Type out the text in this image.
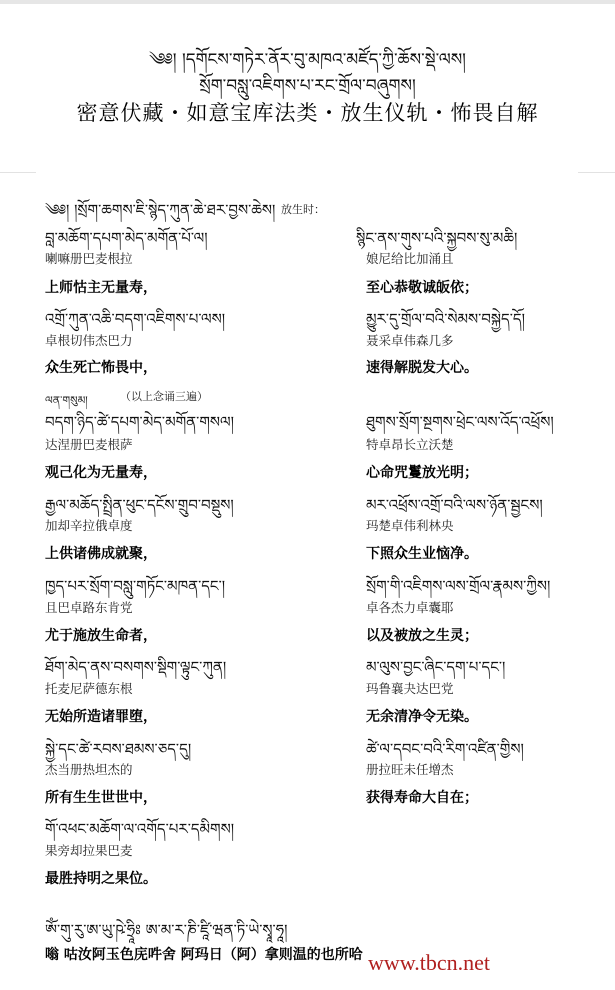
༄༅། །དགོངས་གཏེར་ནོར་བུ་མཁའ་མཛོད་ཀྱི་ཆོས་སྡེ་ལས།
སྲོག་བསླུ་འཇིགས་པ་རང་གྲོལ་བཞུགས།
密意伏藏・如意宝库法类・放生仪轨・怖畏自解
༄༅། །སྲོག་ཆགས་ཇི་སྙེད་ཀུན་ཆེ་ཐར་བྱས་ཆེས། 放生时：
བླ་མཆོག་དཔག་མེད་མགོན་པོ་ལ།
喇嘛册巴麦根拉
上师怙主无量寿，
འགྲོ་ཀུན་འཆི་བདག་འཇིགས་པ་ལས།
卓根切伟杰巴力
众生死亡怖畏中，
ལན་གསུམ།	（以上念诵三遍）
བདག་ཉིད་ཚེ་དཔག་མེད་མགོན་གསལ།
达涅册巴麦根萨
观己化为无量寿，
རྒྱལ་མཆོད་སྤྲིན་ཕུང་དངོས་གྲུབ་བསྡུས།
加却辛拉俄卓度
上供诸佛成就聚，
ཁྱད་པར་སྲོག་བསླུ་གཏོང་མཁན་དང་།
且巴卓路东肯党
尤于施放生命者，
ཐོག་མེད་ནས་བསགས་སྡིག་ལྟུང་ཀུན།
托麦尼萨德东根
无始所造诸罪堕，
སྐྱེ་དང་ཚེ་རབས་ཐམས་ཅད་དུ།
杰当册热坦杰的
所有生生世世中，
གོ་འཕང་མཆོག་ལ་འགོད་པར་དམིགས།
果旁却拉果巴麦
最胜持明之果位。
སྙིང་ནས་གུས་པའི་སྐྱབས་སུ་མཆི།
娘尼给比加涌且
至心恭敬诚皈依；
མྱུར་དུ་གྲོལ་བའི་སེམས་བསྐྱེད་དོ།
聂采卓伟森几多
速得解脱发大心。
ཐུགས་སྲོག་སྔགས་ཕྲེང་ལས་འོད་འཕྲོས།
特卓昂长立沃楚
心命咒鬘放光明；
མར་འཕྲོས་འགྲོ་བའི་ལས་ཉོན་སྦྱངས།
玛楚卓伟利林央
下照众生业恼净。
སྲོག་གི་འཇིགས་ལས་གྲོལ་རྣམས་ཀྱིས།
卓各杰力卓囊耶
以及被放之生灵；
མ་ལུས་བྱང་ཞིང་དག་པ་དང་།
玛鲁襄夬达巴党
无余清净令无染。
ཚེ་ལ་དབང་བའི་རིག་འཛིན་གྱིས།
册拉旺未任增杰
获得寿命大自在；
ཨོཾ་གུ་རུ་ཨ་ཡུ་ཥེ་ཧྲཱིཿ ཨ་མ་ར་ཎི་ཛཱི་ཝན་ཏི་ཡེ་སྭཱ་ཧཱ།
嗡 咕汝阿玉色庑吽舍 阿玛日（阿）拿则温的也所哈 www.tbcn.net
